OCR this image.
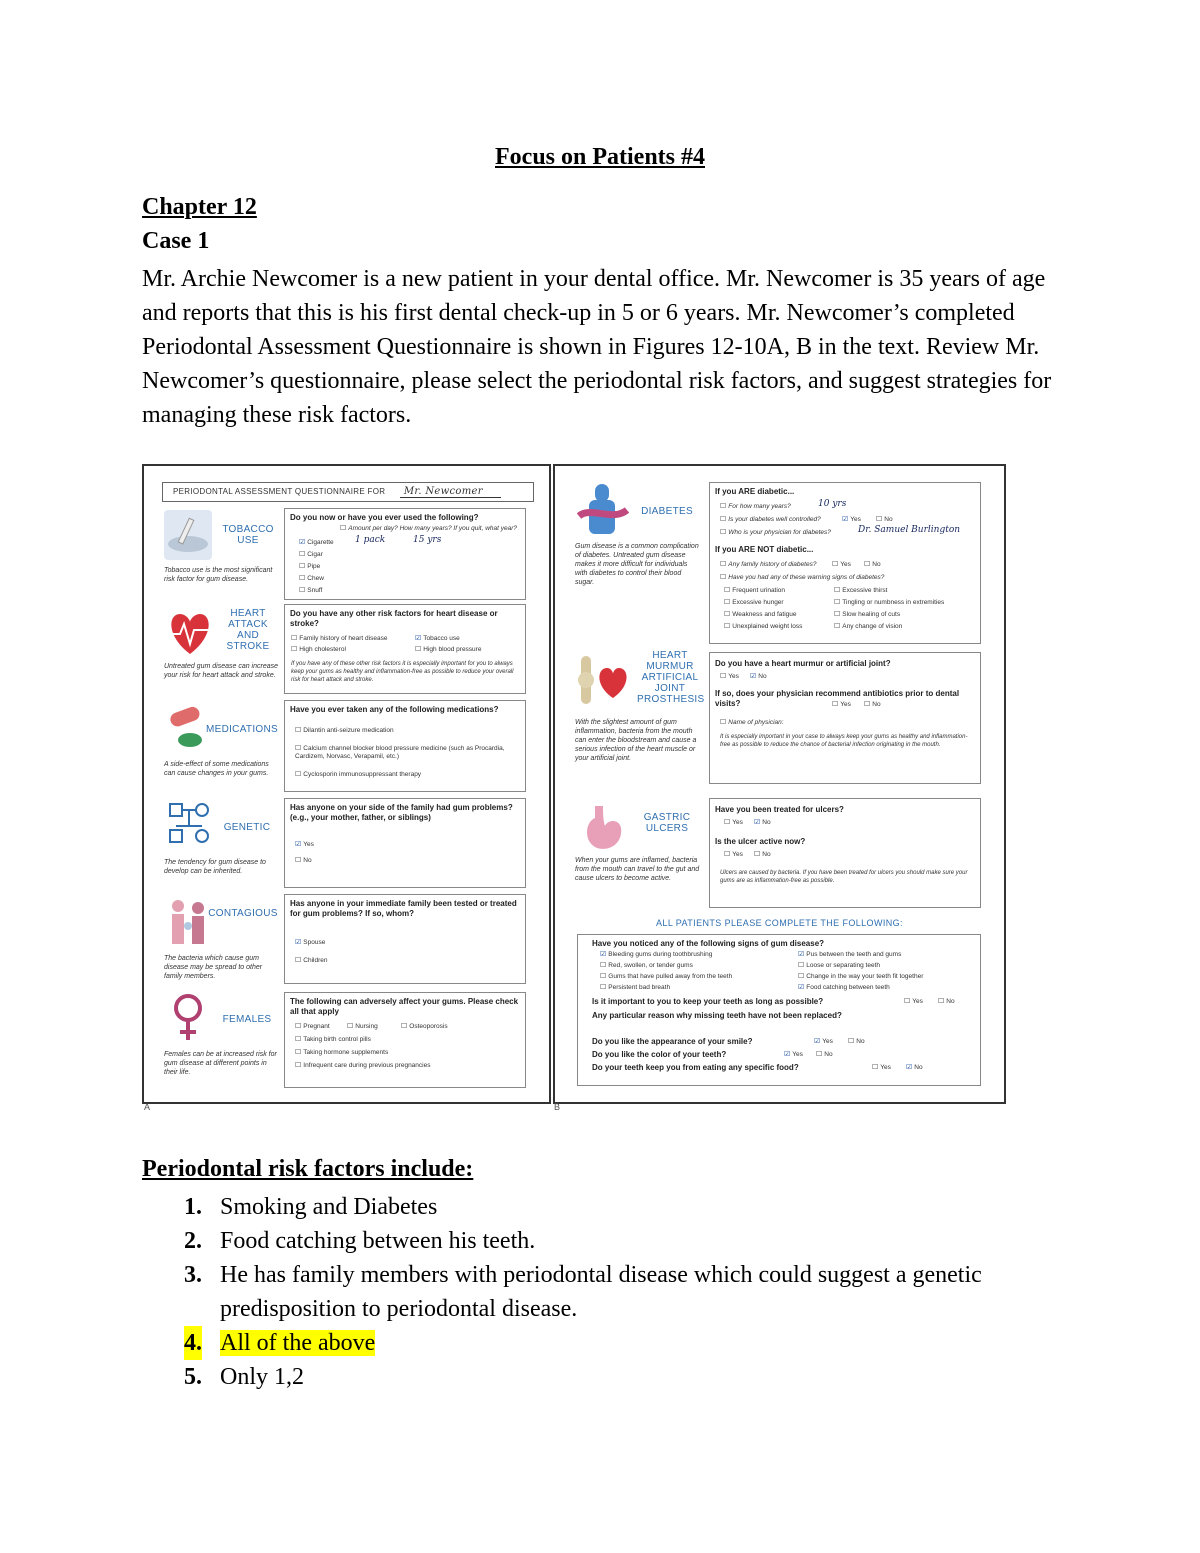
Focus on Patients #4
Chapter 12
Case 1
Mr. Archie Newcomer is a new patient in your dental office. Mr. Newcomer is 35 years of age and reports that this is his first dental check-up in 5 or 6 years. Mr. Newcomer’s completed Periodontal Assessment Questionnaire is shown in Figures 12-10A, B in the text. Review Mr. Newcomer’s questionnaire, please select the periodontal risk factors, and suggest strategies for managing these risk factors.
PERIODONTAL ASSESSMENT QUESTIONNAIRE FOR Mr. Newcomer
TOBACCO USE
Tobacco use is the most significant risk factor for gum disease.
Do you now or have you ever used the following?
☐ Amount per day? How many years? If you quit, what year?
☑ Cigarette
☐ Cigar
☐ Pipe
☐ Chew
☐ Snuff
1 pack	15 yrs
HEART ATTACK AND STROKE
Untreated gum disease can increase your risk for heart attack and stroke.
Do you have any other risk factors for heart disease or stroke?
☐ Family history of heart disease	☑ Tobacco use
☐ High cholesterol	☐ High blood pressure
If you have any of these other risk factors it is especially important for you to always keep your gums as healthy and inflammation-free as possible to reduce your overall risk for heart attack and stroke.
MEDICATIONS
A side-effect of some medications can cause changes in your gums.
Have you ever taken any of the following medications?
☐ Dilantin anti-seizure medication
☐ Calcium channel blocker blood pressure medicine (such as Procardia, Cardizem, Norvasc, Verapamil, etc.)
☐ Cyclosporin immunosuppressant therapy
GENETIC
The tendency for gum disease to develop can be inherited.
Has anyone on your side of the family had gum problems? (e.g., your mother, father, or siblings)
☑ Yes
☐ No
CONTAGIOUS
The bacteria which cause gum disease may be spread to other family members.
Has anyone in your immediate family been tested or treated for gum problems? If so, whom?
☑ Spouse
☐ Children
FEMALES
Females can be at increased risk for gum disease at different points in their life.
The following can adversely affect your gums. Please check all that apply
☐ Pregnant	☐ Nursing	☐ Osteoporosis
☐ Taking birth control pills
☐ Taking hormone supplements
☐ Infrequent care during previous pregnancies
A
DIABETES
Gum disease is a common complication of diabetes. Untreated gum disease makes it more difficult for individuals with diabetes to control their blood sugar.
If you ARE diabetic...
☐ For how many years?	10 yrs
☐ Is your diabetes well controlled?	☑ Yes	☐ No
☐ Who is your physician for diabetes?	Dr. Samuel Burlington
If you ARE NOT diabetic...
☐ Any family history of diabetes?	☐ Yes	☐ No
☐ Have you had any of these warning signs of diabetes?
☐ Frequent urination	☐ Excessive thirst
☐ Excessive hunger	☐ Tingling or numbness in extremities
☐ Weakness and fatigue	☐ Slow healing of cuts
☐ Unexplained weight loss	☐ Any change of vision
HEART MURMUR ARTIFICIAL JOINT PROSTHESIS
With the slightest amount of gum inflammation, bacteria from the mouth can enter the bloodstream and cause a serious infection of the heart muscle or your artificial joint.
Do you have a heart murmur or artificial joint?
☐ Yes	☑ No
If so, does your physician recommend antibiotics prior to dental visits?	☐ Yes	☐ No
☐ Name of physician:
It is especially important in your case to always keep your gums as healthy and inflammation-free as possible to reduce the chance of bacterial infection originating in the mouth.
GASTRIC ULCERS
When your gums are inflamed, bacteria from the mouth can travel to the gut and cause ulcers to become active.
Have you been treated for ulcers?
☐ Yes	☑ No
Is the ulcer active now?
☐ Yes	☐ No
Ulcers are caused by bacteria. If you have been treated for ulcers you should make sure your gums are as inflammation-free as possible.
ALL PATIENTS PLEASE COMPLETE THE FOLLOWING:
Have you noticed any of the following signs of gum disease?
☑ Bleeding gums during toothbrushing	☑ Pus between the teeth and gums
☐ Red, swollen, or tender gums	☐ Loose or separating teeth
☐ Gums that have pulled away from the teeth	☐ Change in the way your teeth fit together
☐ Persistent bad breath	☑ Food catching between teeth
Is it important to you to keep your teeth as long as possible?	☐ Yes	☐ No
Any particular reason why missing teeth have not been replaced?
Do you like the appearance of your smile?	☑ Yes	☐ No
Do you like the color of your teeth?	☑ Yes	☐ No
Do your teeth keep you from eating any specific food?	☐ Yes	☑ No
B
Periodontal risk factors include:
1. Smoking and Diabetes
2. Food catching between his teeth.
3. He has family members with periodontal disease which could suggest a genetic predisposition to periodontal disease.
4. All of the above
5. Only 1,2
